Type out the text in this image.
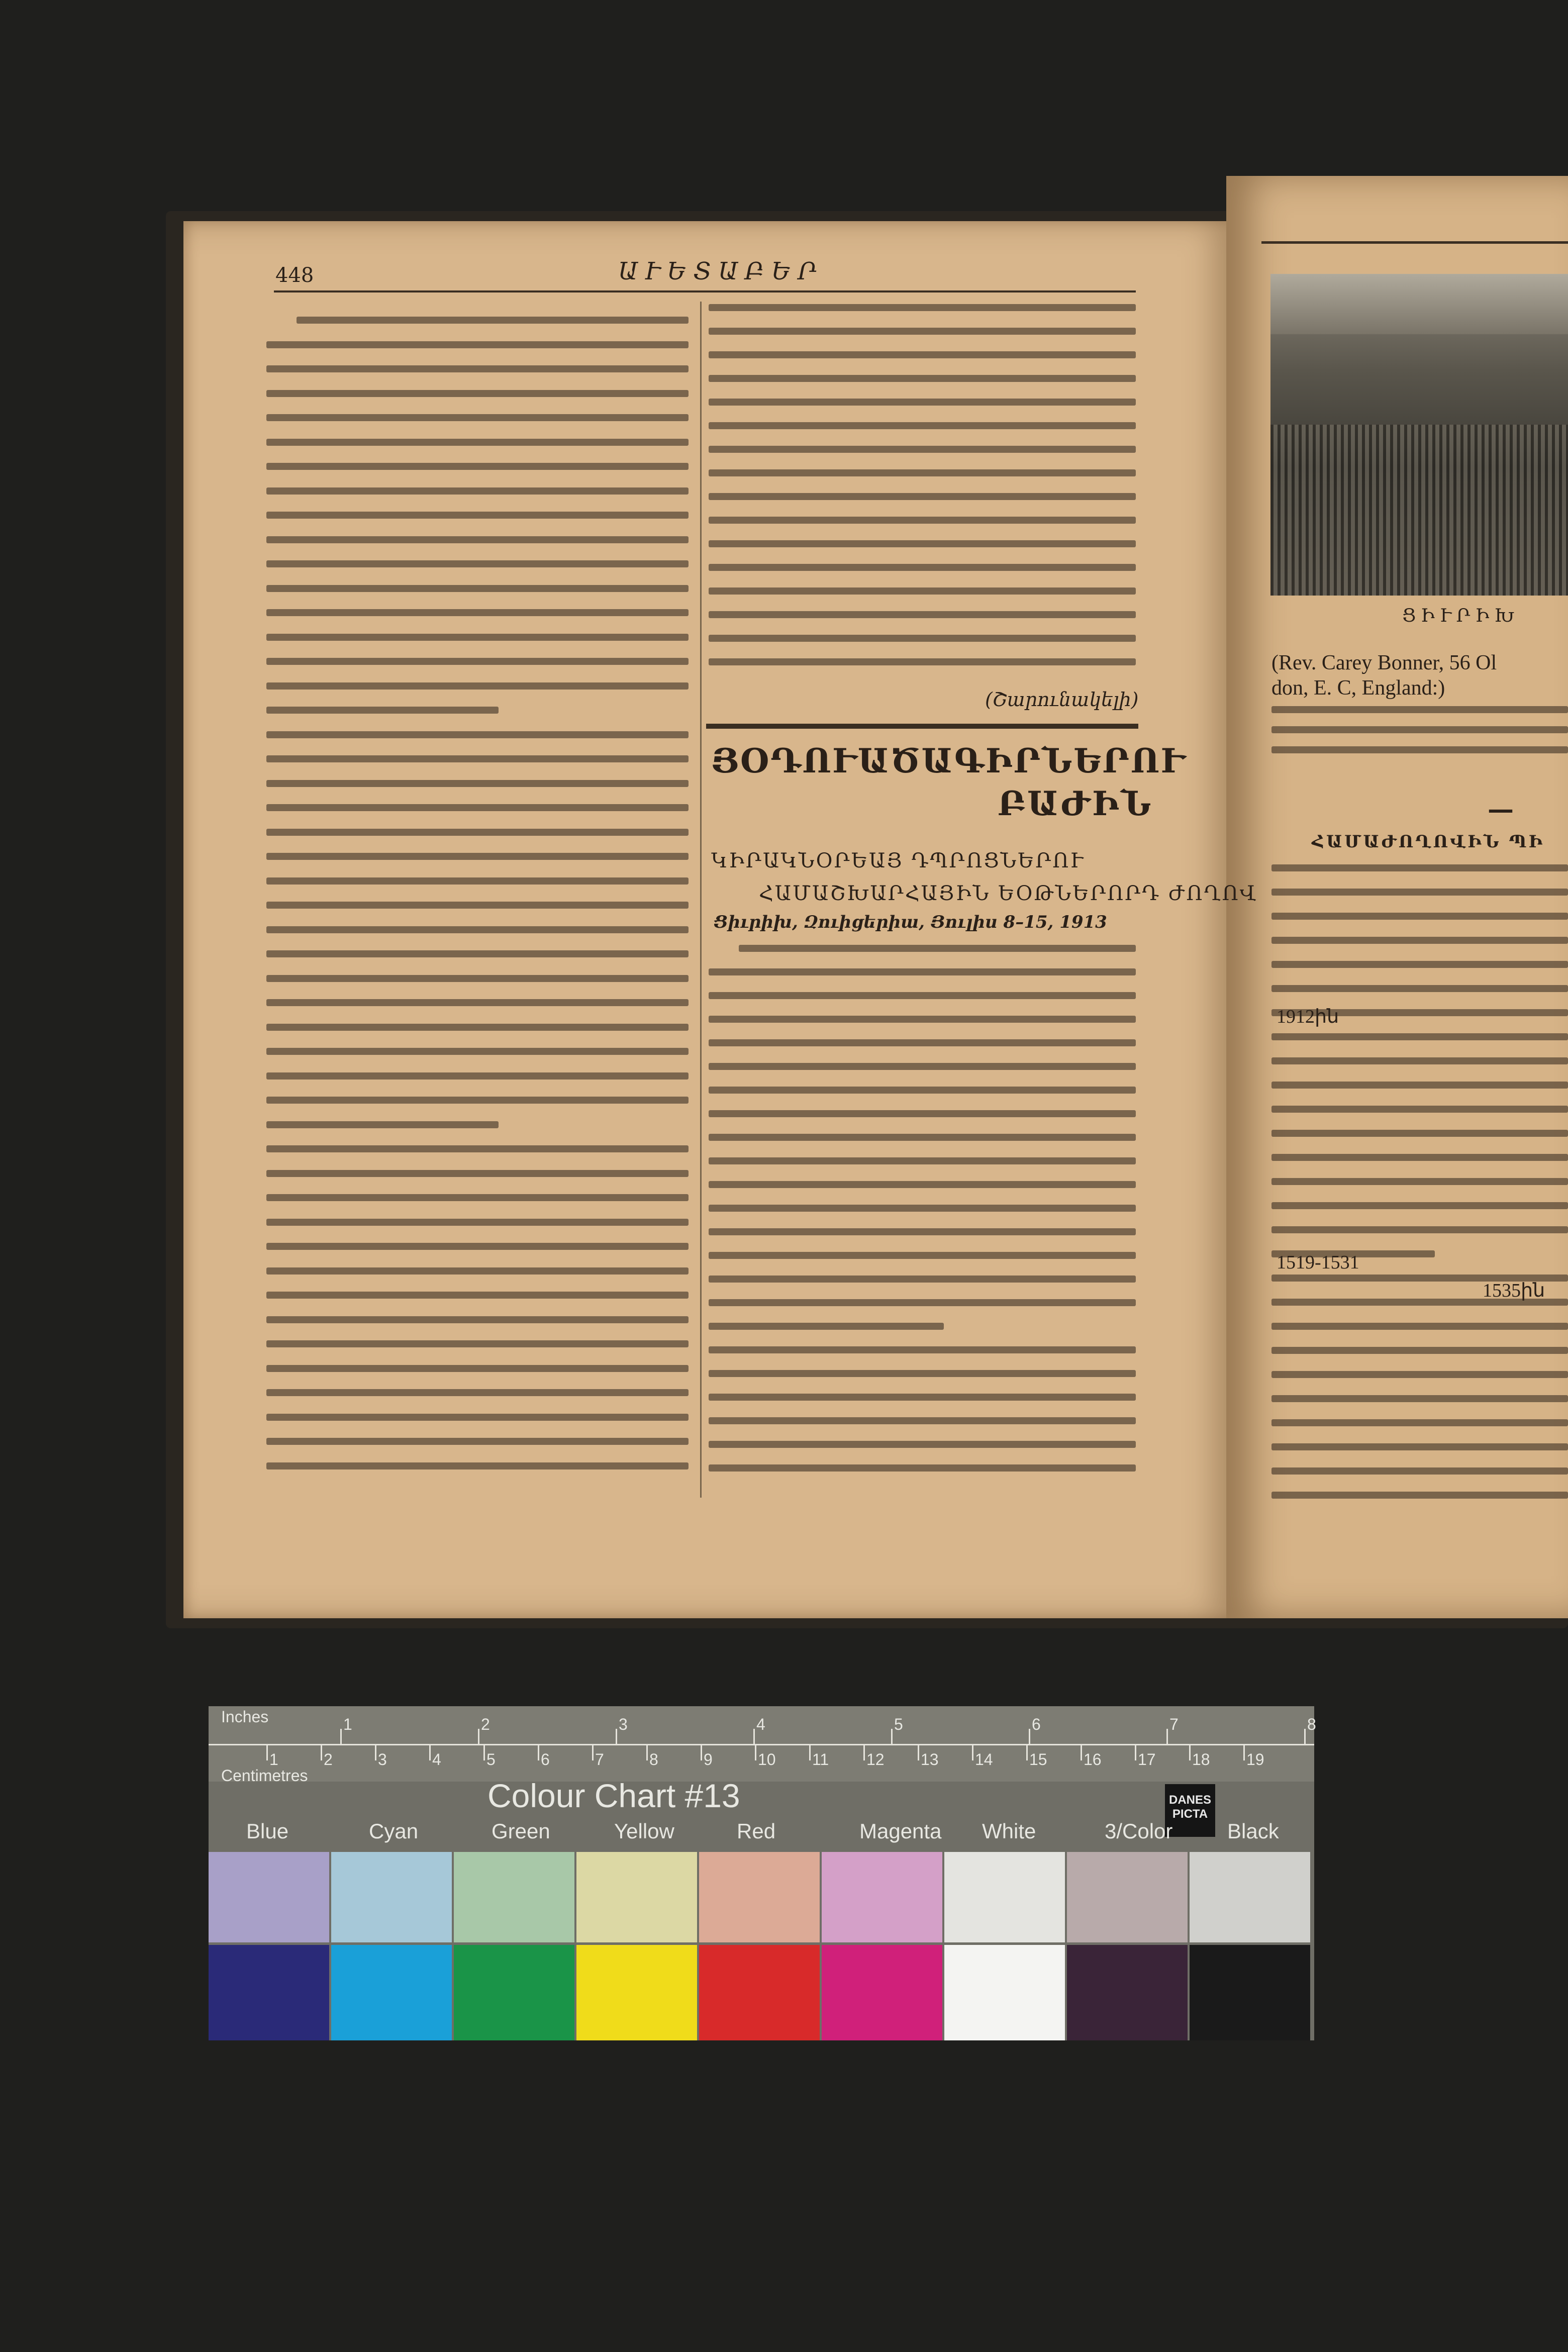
448	ԱՒԵՏԱԲԵՐ
(Շարունակելի)
ՅՕԴՈՒԱԾԱԳԻՐՆԵՐՈՒ
ԲԱԺԻՆ
ԿԻՐԱԿՆՕՐԵԱՅ ԴՊՐՈՑՆԵՐՈՒ
ՀԱՄԱՇԽԱՐՀԱՅԻՆ ԵՕԹՆԵՐՈՐԴ ԺՈՂՈՎ
Ցիւրիխ, Զուիցերիա, Յուլիս 8–15, 1913
ՑԻՒՐԻԽ
(Rev. Carey Bonner, 56 Ol
don, E. C, England:)
—
ՀԱՄԱԺՈՂՈՎԻՆ ՊԻ
1912ին
1519-1531
1535ին
Inches
Centimetres
1	2	3	4	5	6	7	8
1	2	3	4	5	6	7	8	9	10 11 12 13 14 15 16 17 18 19
Colour Chart #13	DANES
PICTA
Blue	Cyan	Green	Yellow	Red	Magenta White	3/Color	Black
